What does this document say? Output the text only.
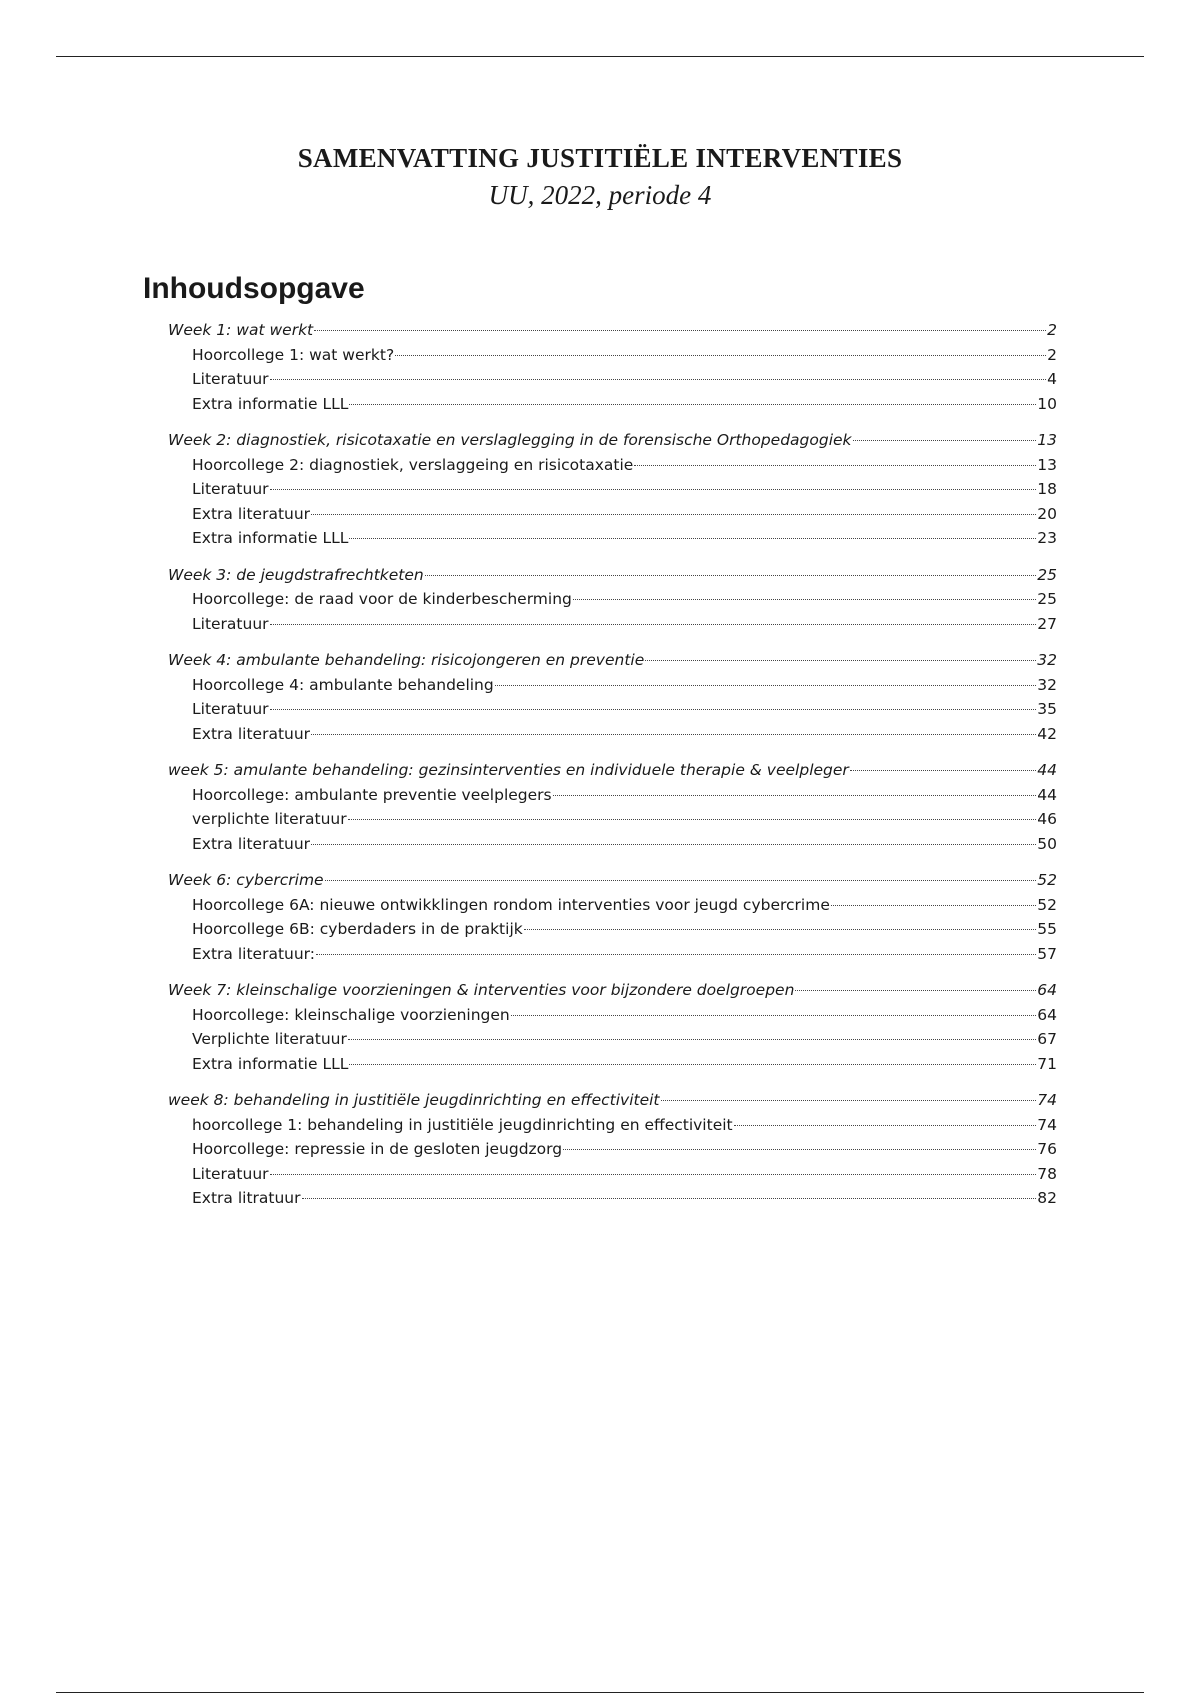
SAMENVATTING JUSTITIËLE INTERVENTIES
UU, 2022, periode 4
Inhoudsopgave
Week 1: wat werkt	2
Hoorcollege 1: wat werkt?	2
Literatuur	4
Extra informatie LLL	10
Week 2: diagnostiek, risicotaxatie en verslaglegging in de forensische Orthopedagogiek	13
Hoorcollege 2: diagnostiek, verslaggeing en risicotaxatie	13
Literatuur	18
Extra literatuur	20
Extra informatie LLL	23
Week 3: de jeugdstrafrechtketen	25
Hoorcollege: de raad voor de kinderbescherming	25
Literatuur	27
Week 4: ambulante behandeling: risicojongeren en preventie	32
Hoorcollege 4: ambulante behandeling	32
Literatuur	35
Extra literatuur	42
week 5: amulante behandeling: gezinsinterventies en individuele therapie & veelpleger	44
Hoorcollege: ambulante preventie veelplegers	44
verplichte literatuur	46
Extra literatuur	50
Week 6: cybercrime	52
Hoorcollege 6A: nieuwe ontwikklingen rondom interventies voor jeugd cybercrime	52
Hoorcollege 6B: cyberdaders in de praktijk	55
Extra literatuur:	57
Week 7: kleinschalige voorzieningen & interventies voor bijzondere doelgroepen	64
Hoorcollege: kleinschalige voorzieningen	64
Verplichte literatuur	67
Extra informatie LLL	71
week 8: behandeling in justitiële jeugdinrichting en effectiviteit	74
hoorcollege 1: behandeling in justitiële jeugdinrichting en effectiviteit	74
Hoorcollege: repressie in de gesloten jeugdzorg	76
Literatuur	78
Extra litratuur	82
